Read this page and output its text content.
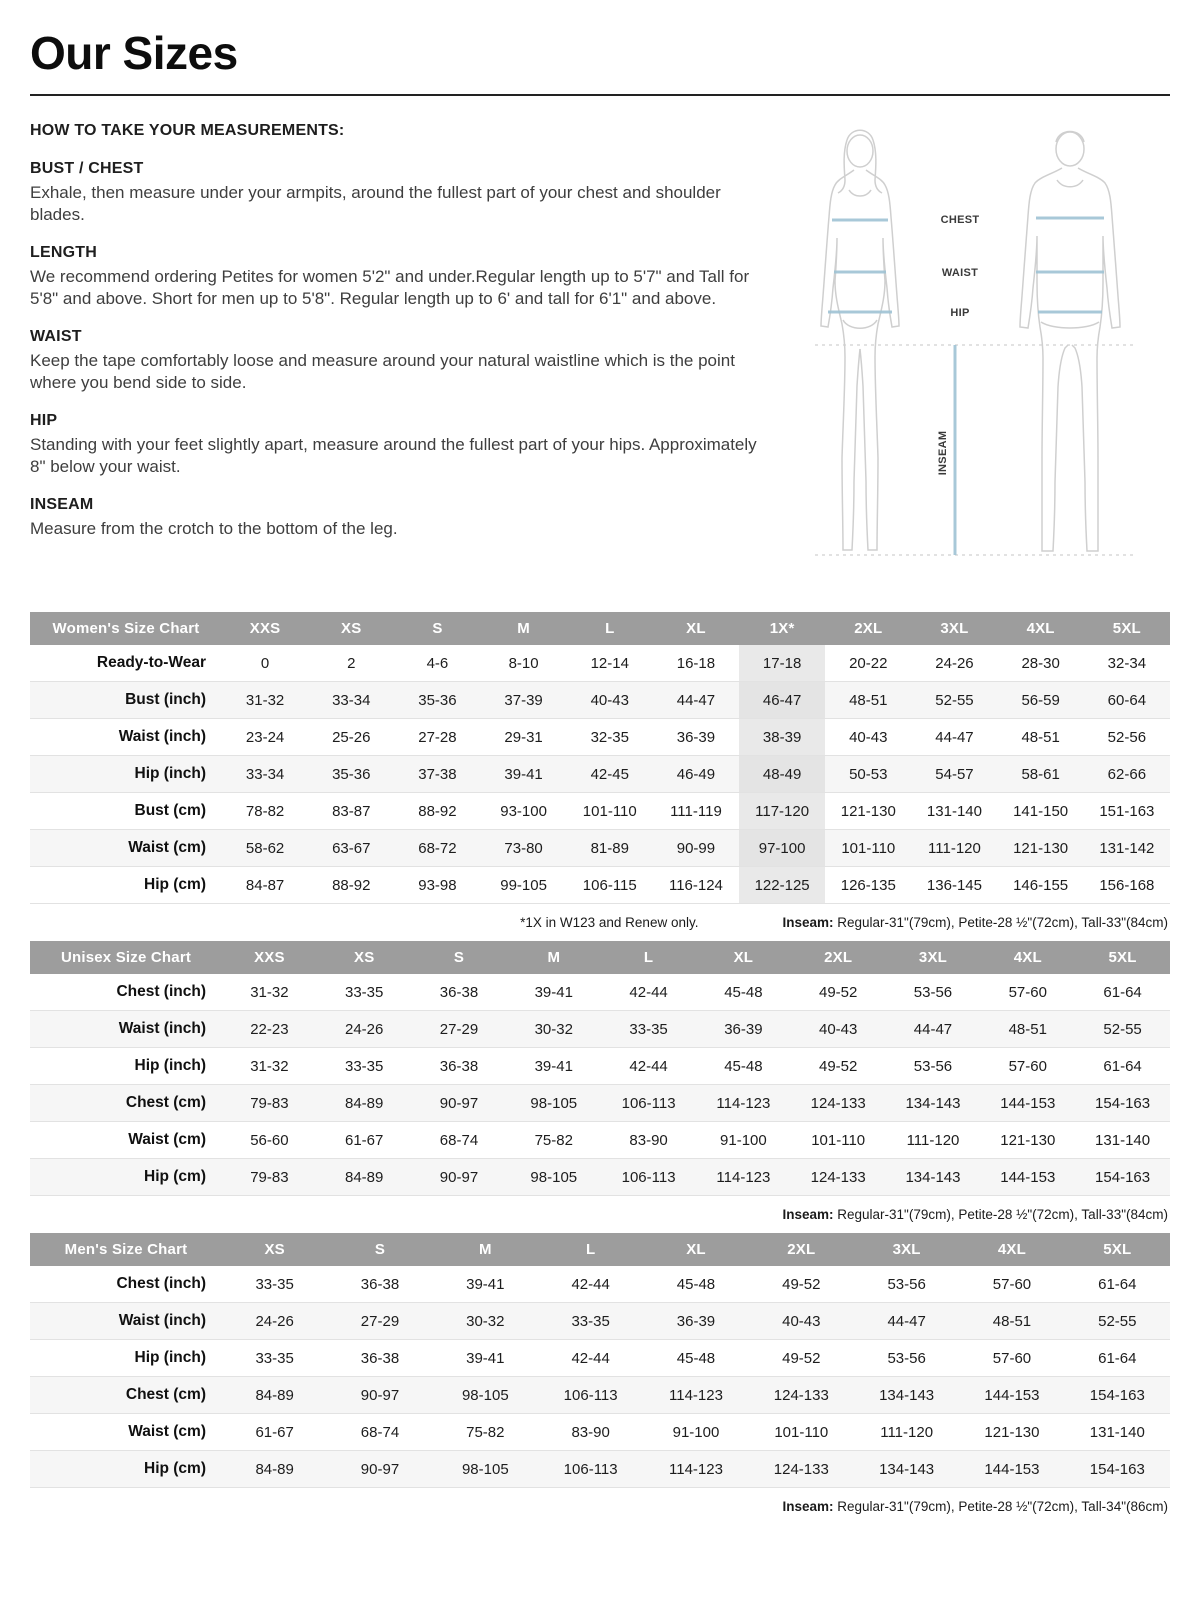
Our Sizes
HOW TO TAKE YOUR MEASUREMENTS:
BUST / CHEST

Exhale, then measure under your armpits, around the fullest part of your chest and shoulder blades.

LENGTH

We recommend ordering Petites for women 5'2" and under.Regular length up to 5'7" and Tall for 5'8" and above. Short for men up to 5'8". Regular length up to 6' and tall for 6'1" and above.

WAIST

Keep the tape comfortably loose and measure around your natural waistline which is the point where you bend side to side.

HIP

Standing with your feet slightly apart, measure around the fullest part of your hips. Approximately 8" below your waist.

INSEAM

Measure from the crotch to the bottom of the leg.

CHEST
WAIST
HIP
INSEAM
Women's Size Chart	XXS	XS	S	M	L	XL	1X*	2XL	3XL	4XL	5XL
Ready-to-Wear	0	2	4-6	8-10	12-14	16-18	17-18	20-22	24-26	28-30	32-34
Bust (inch)	31-32	33-34	35-36	37-39	40-43	44-47	46-47	48-51	52-55	56-59	60-64
Waist (inch)	23-24	25-26	27-28	29-31	32-35	36-39	38-39	40-43	44-47	48-51	52-56
Hip (inch)	33-34	35-36	37-38	39-41	42-45	46-49	48-49	50-53	54-57	58-61	62-66
Bust (cm)	78-82	83-87	88-92	93-100	101-110	111-119	117-120	121-130	131-140	141-150	151-163
Waist (cm)	58-62	63-67	68-72	73-80	81-89	90-99	97-100	101-110	111-120	121-130	131-142
Hip (cm)	84-87	88-92	93-98	99-105	106-115	116-124	122-125	126-135	136-145	146-155	156-168
*1X in W123 and Renew only.	Inseam: Regular-31"(79cm), Petite-28 ½"(72cm), Tall-33"(84cm)
Unisex Size Chart	XXS	XS	S	M	L	XL	2XL	3XL	4XL	5XL
Chest (inch)	31-32	33-35	36-38	39-41	42-44	45-48	49-52	53-56	57-60	61-64
Waist (inch)	22-23	24-26	27-29	30-32	33-35	36-39	40-43	44-47	48-51	52-55
Hip (inch)	31-32	33-35	36-38	39-41	42-44	45-48	49-52	53-56	57-60	61-64
Chest (cm)	79-83	84-89	90-97	98-105	106-113	114-123	124-133	134-143	144-153	154-163
Waist (cm)	56-60	61-67	68-74	75-82	83-90	91-100	101-110	111-120	121-130	131-140
Hip (cm)	79-83	84-89	90-97	98-105	106-113	114-123	124-133	134-143	144-153	154-163
Inseam: Regular-31"(79cm), Petite-28 ½"(72cm), Tall-33"(84cm)
Men's Size Chart	XS	S	M	L	XL	2XL	3XL	4XL	5XL
Chest (inch)	33-35	36-38	39-41	42-44	45-48	49-52	53-56	57-60	61-64
Waist (inch)	24-26	27-29	30-32	33-35	36-39	40-43	44-47	48-51	52-55
Hip (inch)	33-35	36-38	39-41	42-44	45-48	49-52	53-56	57-60	61-64
Chest (cm)	84-89	90-97	98-105	106-113	114-123	124-133	134-143	144-153	154-163
Waist (cm)	61-67	68-74	75-82	83-90	91-100	101-110	111-120	121-130	131-140
Hip (cm)	84-89	90-97	98-105	106-113	114-123	124-133	134-143	144-153	154-163
Inseam: Regular-31"(79cm), Petite-28 ½"(72cm), Tall-34"(86cm)
